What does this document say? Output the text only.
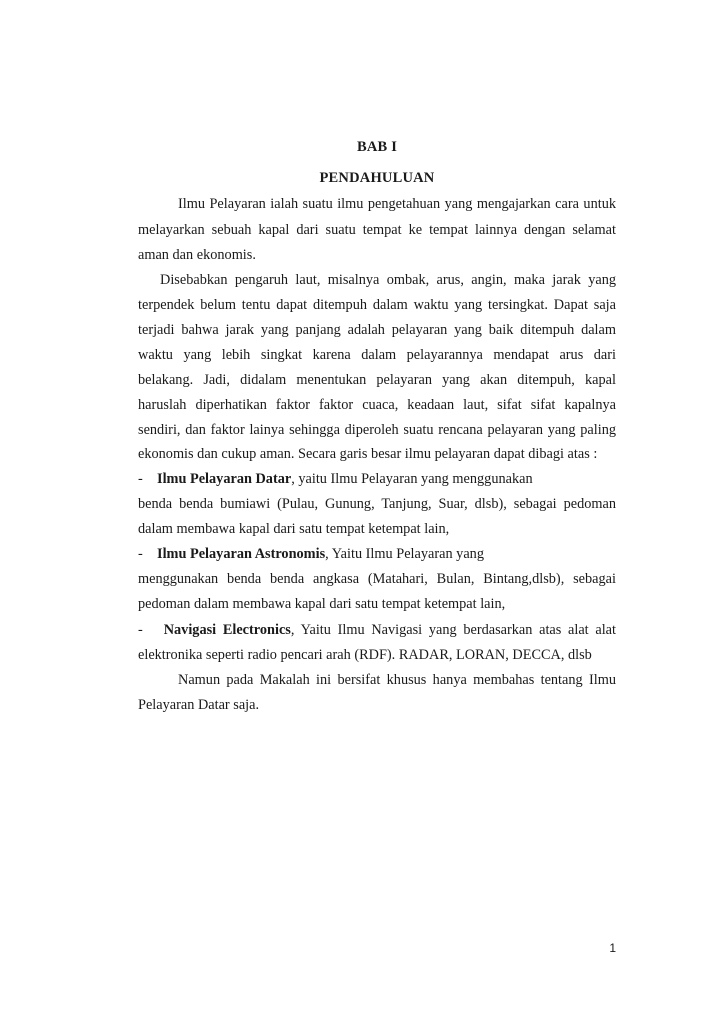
BAB I
PENDAHULUAN
Ilmu Pelayaran ialah suatu ilmu pengetahuan yang mengajarkan cara untuk
melayarkan sebuah kapal dari suatu tempat ke tempat lainnya dengan selamat
aman dan ekonomis.
Disebabkan pengaruh laut, misalnya ombak, arus, angin, maka jarak yang
terpendek belum tentu dapat ditempuh dalam waktu yang tersingkat. Dapat saja
terjadi bahwa jarak yang panjang adalah pelayaran yang baik ditempuh dalam
waktu yang lebih singkat karena dalam pelayarannya mendapat arus dari
belakang. Jadi, didalam menentukan pelayaran yang akan ditempuh, kapal
haruslah diperhatikan faktor faktor cuaca, keadaan laut, sifat sifat kapalnya
sendiri, dan faktor lainya sehingga diperoleh suatu rencana pelayaran yang paling
ekonomis dan cukup aman. Secara garis besar ilmu pelayaran dapat dibagi atas :
- Ilmu Pelayaran Datar, yaitu Ilmu Pelayaran yang menggunakan
benda benda bumiawi (Pulau, Gunung, Tanjung, Suar, dlsb), sebagai pedoman
dalam membawa kapal dari satu tempat ketempat lain,
- Ilmu Pelayaran Astronomis, Yaitu Ilmu Pelayaran yang
menggunakan benda benda angkasa (Matahari, Bulan, Bintang,dlsb), sebagai
pedoman dalam membawa kapal dari satu tempat ketempat lain,
- Navigasi Electronics, Yaitu Ilmu Navigasi yang berdasarkan atas alat alat
elektronika seperti radio pencari arah (RDF). RADAR, LORAN, DECCA, dlsb
Namun pada Makalah ini bersifat khusus hanya membahas tentang Ilmu
Pelayaran Datar saja.
1
